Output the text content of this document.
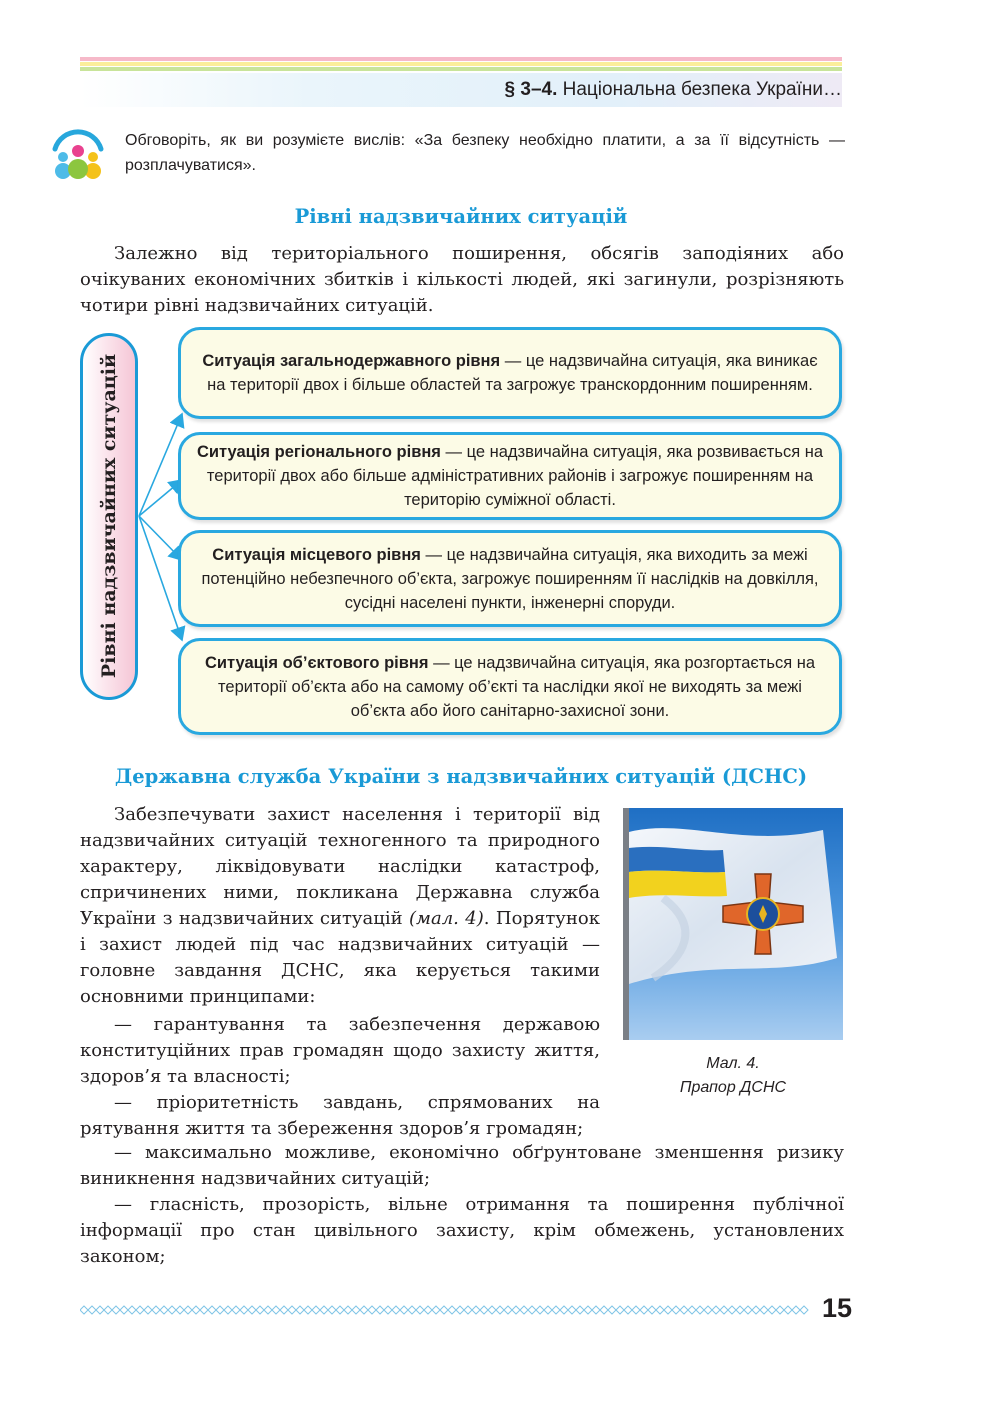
§ 3–4. Національна безпека України…
Обговоріть, як ви розумієте вислів: «За безпеку необхідно платити, а за її відсутність — розплачуватися».
Рівні надзвичайних ситуацій
Залежно від територіального поширення, обсягів заподіяних або очікуваних економічних збитків і кількості людей, які загинули, розрізняють чотири рівні надзвичайних ситуацій.
Рівні надзвичайних ситуацій	Ситуація загальнодержавного рівня — це надзвичайна ситуація, яка виникає на території двох і більше областей та загрожує транскордонним поширенням.
Ситуація регіонального рівня — це надзвичайна ситуація, яка розвивається на території двох або більше адміністративних районів і загрожує поширенням на територію суміжної області.
Ситуація місцевого рівня — це надзвичайна ситуація, яка виходить за межі потенційно небезпечного об’єкта, загрожує поширенням її наслідків на довкілля, сусідні населені пункти, інженерні споруди.
Ситуація об’єктового рівня — це надзвичайна ситуація, яка розгортається на території об’єкта або на самому об’єкті та наслідки якої не виходять за межі об’єкта або його санітарно-захисної зони.
Державна служба України з надзвичайних ситуацій (ДСНС)
Забезпечувати захист населення і території від надзвичайних ситуацій техногенного та природного характеру, ліквідовувати наслідки катастроф, спричинених ними, покликана Державна служба України з надзвичайних ситуацій (мал. 4). Порятунок і захист людей під час надзвичайних ситуацій — головне завдання ДСНС, яка керується такими основними принципами:
— гарантування та забезпечення державою конституційних прав громадян щодо захисту життя, здоров’я та власності;
— пріоритетність завдань, спрямованих на рятування життя та збереження здоров’я громадян;
— максимально можливе, економічно обґрунтоване зменшення ризику виникнення надзвичайних ситуацій;
— гласність, прозорість, вільне отримання та поширення публічної інформації про стан цивільного захисту, крім обмежень, установлених законом;
Мал. 4.
Прапор ДСНС
15
